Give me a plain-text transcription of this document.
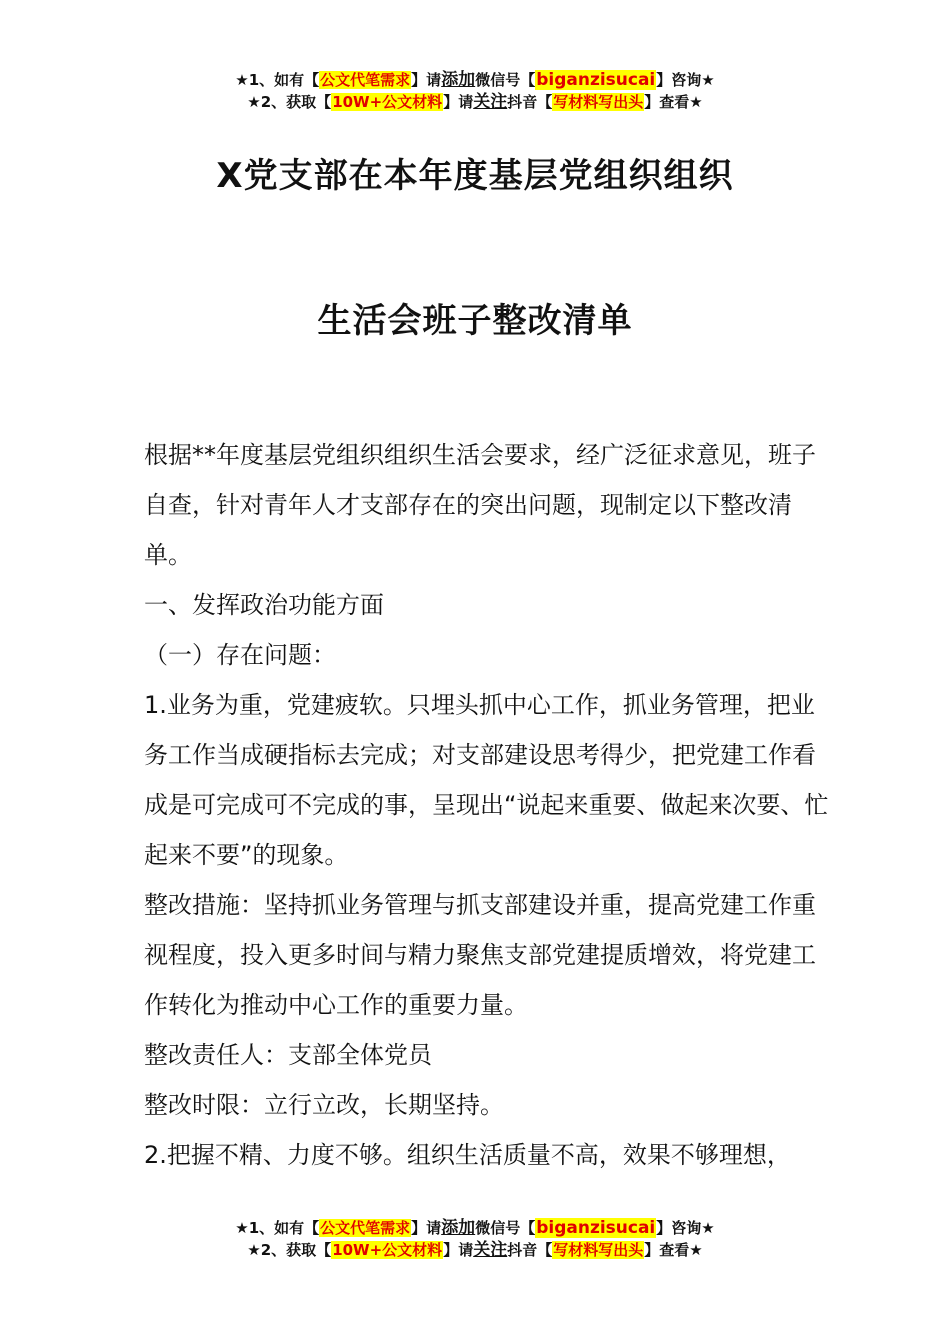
★1、如有【公文代笔需求】请添加微信号【biganzisucai】咨询★
★2、获取【10W+公文材料】请关注抖音【写材料写出头】查看★
X党支部在本年度基层党组织组织
生活会班子整改清单

根据**年度基层党组织组织生活会要求，经广泛征求意见，班子自查，针对青年人才支部存在的突出问题，现制定以下整改清单。

一、发挥政治功能方面

（一）存在问题：

1.业务为重，党建疲软。只埋头抓中心工作，抓业务管理，把业务工作当成硬指标去完成；对支部建设思考得少，把党建工作看成是可完成可不完成的事，呈现出“说起来重要、做起来次要、忙起来不要”的现象。

整改措施：坚持抓业务管理与抓支部建设并重，提高党建工作重视程度，投入更多时间与精力聚焦支部党建提质增效，将党建工作转化为推动中心工作的重要力量。

整改责任人：支部全体党员

整改时限：立行立改，长期坚持。

2.把握不精、力度不够。组织生活质量不高，效果不够理想，

★1、如有【公文代笔需求】请添加微信号【biganzisucai】咨询★
★2、获取【10W+公文材料】请关注抖音【写材料写出头】查看★
